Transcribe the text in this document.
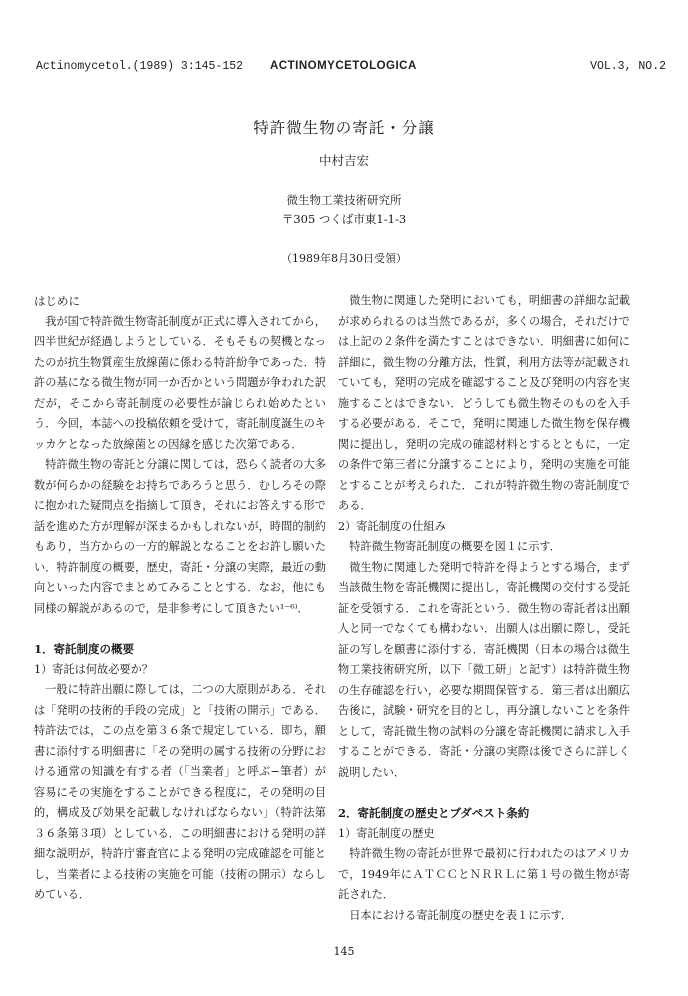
Actinomycetol.(1989) 3:145-152 ACTINOMYCETOLOGICA	VOL.3, NO.2
特許微生物の寄託・分譲
中村吉宏
微生物工業技術研究所
〒305 つくば市東1-1-3
（1989年8月30日受領）
はじめに

我が国で特許微生物寄託制度が正式に導入されてから，四半世紀が経過しようとしている．そもそもの契機となったのが抗生物質産生放線菌に係わる特許紛争であった．特許の基になる微生物が同一か否かという問題が争われた訳だが，そこから寄託制度の必要性が論じられ始めたという．今回，本誌への投稿依頼を受けて，寄託制度誕生のキッカケとなった放線菌との因縁を感じた次第である．

特許微生物の寄託と分譲に関しては，恐らく読者の大多数が何らかの経験をお持ちであろうと思う．むしろその際に抱かれた疑問点を指摘して頂き，それにお答えする形で話を進めた方が理解が深まるかもしれないが，時間的制約もあり，当方からの一方的解説となることをお許し願いたい．特許制度の概要，歴史，寄託・分譲の実際，最近の動向といった内容でまとめてみることとする．なお，他にも同様の解説があるので，是非参考にして頂きたい¹⁻⁶⁾．

1．寄託制度の概要
1）寄託は何故必要か？

一般に特許出願に際しては，二つの大原則がある．それは「発明の技術的手段の完成」と「技術の開示」である．特許法では，この点を第３６条で規定している．即ち，願書に添付する明細書に「その発明の属する技術の分野における通常の知識を有する者（「当業者」と呼ぶ−筆者）が容易にその実施をすることができる程度に，その発明の目的，構成及び効果を記載しなければならない」（特許法第３６条第３項）としている．この明細書における発明の詳細な説明が，特許庁審査官による発明の完成確認を可能とし，当業者による技術の実施を可能（技術の開示）ならしめている．

微生物に関連した発明においても，明細書の詳細な記載が求められるのは当然であるが，多くの場合，それだけでは上記の２条件を満たすことはできない．明細書に如何に詳細に，微生物の分離方法，性質，利用方法等が記載されていても，発明の完成を確認すること及び発明の内容を実施することはできない．どうしても微生物そのものを入手する必要がある．そこで，発明に関連した微生物を保存機関に提出し，発明の完成の確認材料とするとともに，一定の条件で第三者に分譲することにより，発明の実施を可能とすることが考えられた．これが特許微生物の寄託制度である．

2）寄託制度の仕組み

特許微生物寄託制度の概要を図１に示す．

微生物に関連した発明で特許を得ようとする場合，まず当該微生物を寄託機関に提出し，寄託機関の交付する受託証を受領する．これを寄託という．微生物の寄託者は出願人と同一でなくても構わない．出願人は出願に際し，受託証の写しを願書に添付する．寄託機関（日本の場合は微生物工業技術研究所，以下「微工研」と記す）は特許微生物の生存確認を行い，必要な期間保管する．第三者は出願広告後に，試験・研究を目的とし，再分譲しないことを条件として，寄託微生物の試料の分譲を寄託機関に請求し入手することができる．寄託・分譲の実際は後でさらに詳しく説明したい．

2．寄託制度の歴史とブダペスト条約
1）寄託制度の歴史

特許微生物の寄託が世界で最初に行われたのはアメリカで，1949年にＡＴＣＣとＮＲＲＬに第１号の微生物が寄託された．

日本における寄託制度の歴史を表１に示す．

145
